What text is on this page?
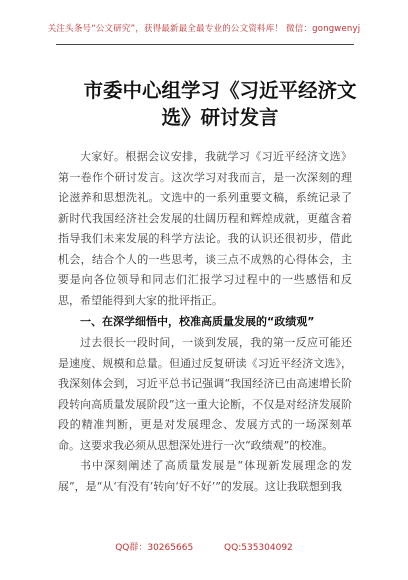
关注头条号“公文研究”，获得最新最全最专业的公文资料库！ 微信：gongwenyj
市委中心组学习《习近平经济文选》研讨发言

大家好。根据会议安排，我就学习《习近平经济文选》第一卷作个研讨发言。这次学习对我而言，是一次深刻的理论滋养和思想洗礼。文选中的一系列重要文稿，系统记录了新时代我国经济社会发展的壮阔历程和辉煌成就，更蕴含着指导我们未来发展的科学方法论。我的认识还很初步，借此机会，结合个人的一些思考，谈三点不成熟的心得体会，主要是向各位领导和同志们汇报学习过程中的一些感悟和反思，希望能得到大家的批评指正。

一、在深学细悟中，校准高质量发展的“政绩观”

过去很长一段时间，一谈到发展，我的第一反应可能还是速度、规模和总量。但通过反复研读《习近平经济文选》，我深刻体会到，习近平总书记强调“我国经济已由高速增长阶段转向高质量发展阶段”这一重大论断，不仅是对经济发展阶段的精准判断，更是对发展理念、发展方式的一场深刻革命。这要求我必须从思想深处进行一次“政绩观”的校准。

书中深刻阐述了高质量发展是“体现新发展理念的发展”，是“从‘有没有’转向‘好不好’”的发展。这让我联想到我

QQ群：30265665	QQ:535304092
